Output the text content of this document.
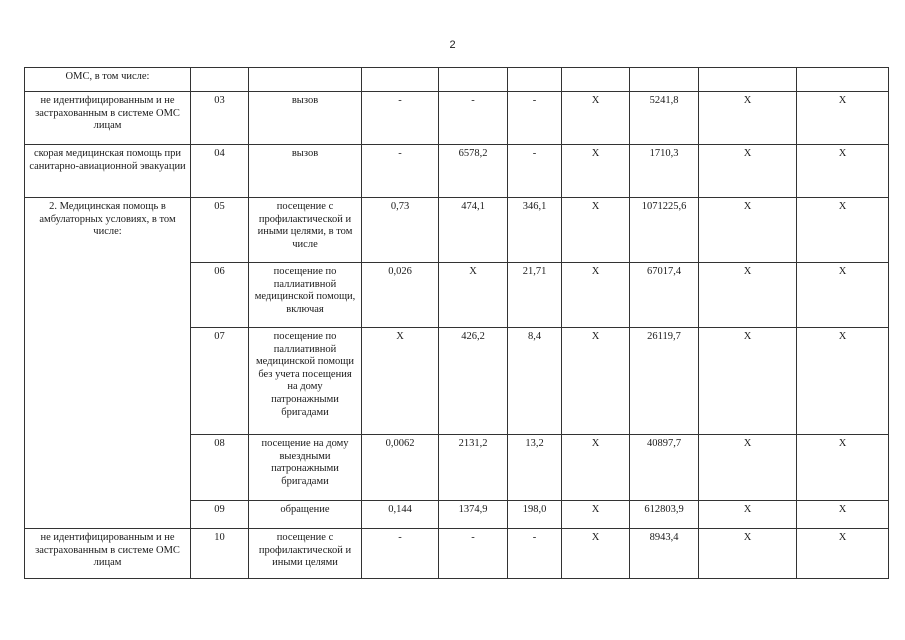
2
ОМС, в том числе:									
не идентифицированным и не застрахованным в системе ОМС лицам	03	вызов	-	-	-	Х	5241,8	Х	Х
скорая медицинская помощь при санитарно-авиационной эвакуации	04	вызов	-	6578,2	-	Х	1710,3	Х	Х
2. Медицинская помощь в амбулаторных условиях, в том числе:	05	посещение с профилактической и иными целями, в том числе	0,73	474,1	346,1	Х	1071225,6	Х	Х
	06	посещение по паллиативной медицинской помощи, включая	0,026	Х	21,71	Х	67017,4	Х	Х
	07	посещение по паллиативной медицинской помощи без учета посещения на дому патронажными бригадами	Х	426,2	8,4	Х	26119,7	Х	Х
	08	посещение на дому выездными патронажными бригадами	0,0062	2131,2	13,2	Х	40897,7	Х	Х
	09	обращение	0,144	1374,9	198,0	Х	612803,9	Х	Х
не идентифицированным и не застрахованным в системе ОМС лицам	10	посещение с профилактической и иными целями	-	-	-	Х	8943,4	Х	Х
